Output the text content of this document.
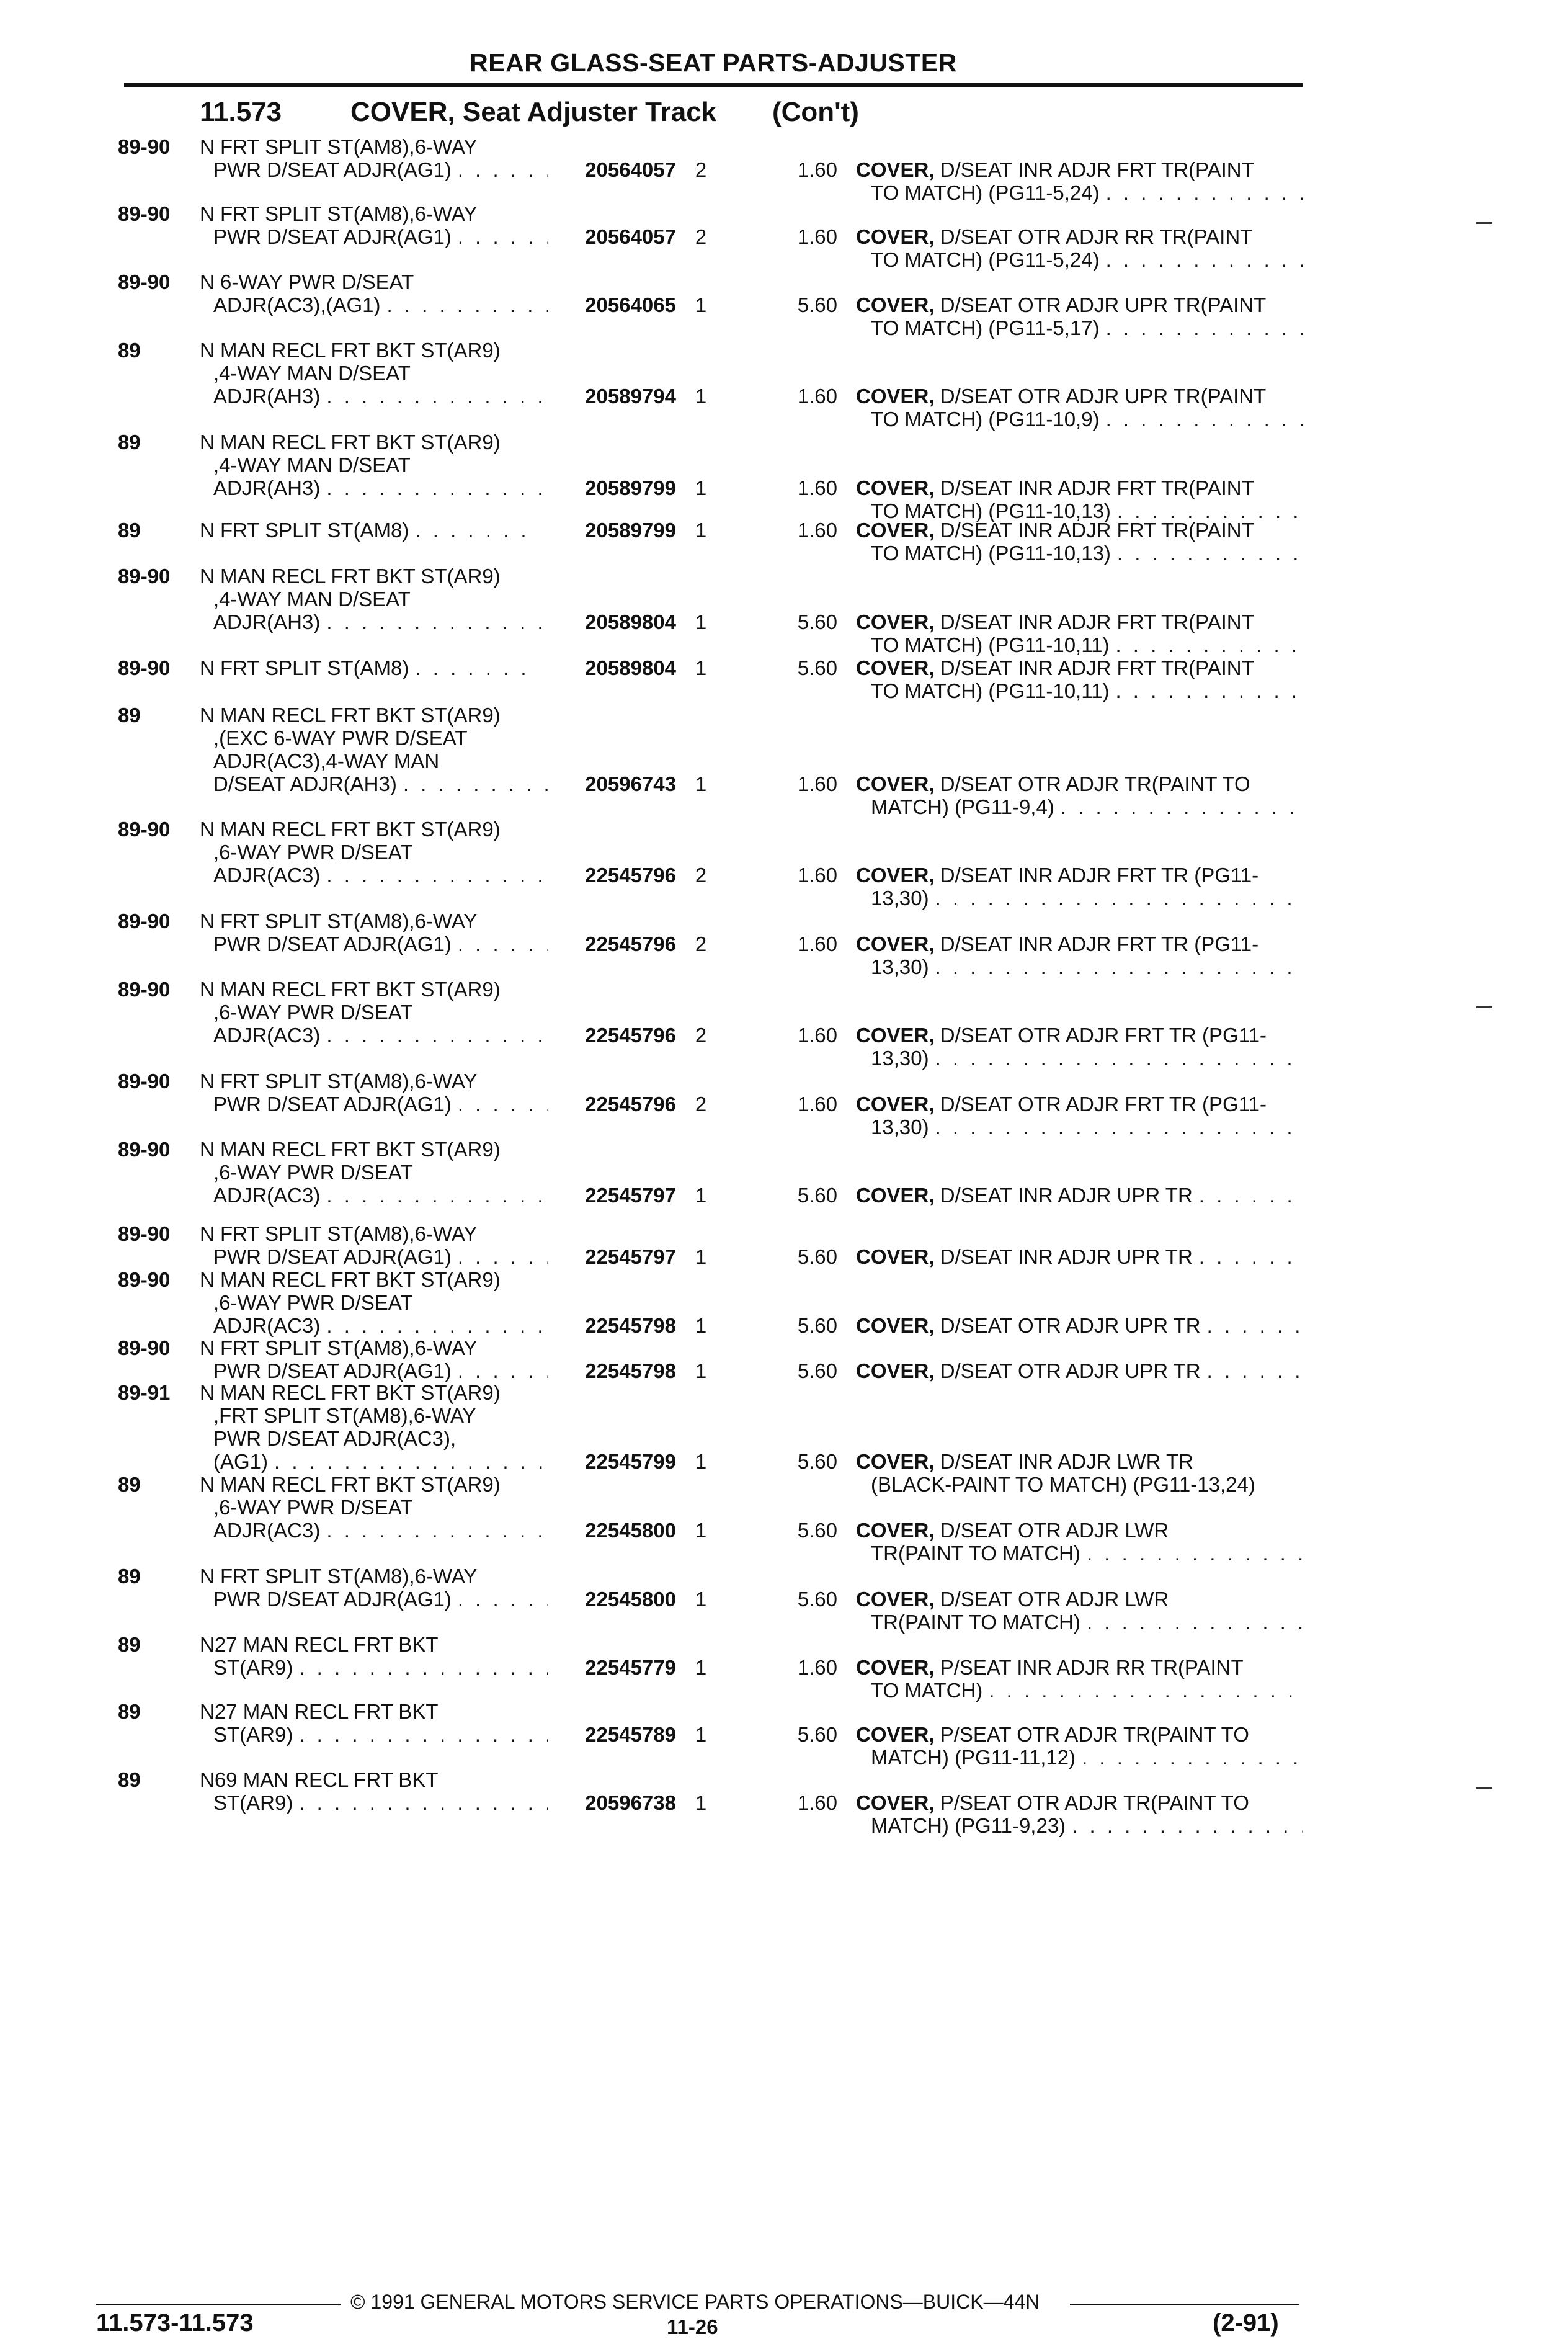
REAR GLASS-SEAT PARTS-ADJUSTER
11.573	COVER, Seat Adjuster Track (Con't)
89-90 N FRT SPLIT ST(AM8),6-WAY
PWR D/SEAT ADJR(AG1) . . .	20564057 2	1.60 COVER, D/SEAT INR ADJR FRT TR(PAINT
TO MATCH) (PG11-5,24)
. . .
89-90 N FRT SPLIT ST(AM8),6-WAY
PWR D/SEAT ADJR(AG1) . . .	20564057 2	1.60 COVER, D/SEAT OTR ADJR RR TR(PAINT
TO MATCH) (PG11-5,24)
. . .
89-90 N 6-WAY PWR D/SEAT
ADJR(AC3),(AG1) . . .	20564065 1	5.60 COVER, D/SEAT OTR ADJR UPR TR(PAINT
TO MATCH) (PG11-5,17)
. . .
89	N MAN RECL FRT BKT ST(AR9)
,4-WAY MAN D/SEAT
ADJR(AH3) . . .	20589794 1	1.60 COVER, D/SEAT OTR ADJR UPR TR(PAINT
TO MATCH) (PG11-10,9)
. . .
89	N MAN RECL FRT BKT ST(AR9)
,4-WAY MAN D/SEAT
ADJR(AH3) . . .	20589799 1	1.60 COVER, D/SEAT INR ADJR FRT TR(PAINT
TO MATCH) (PG11-10,13)
. . .
89	N FRT SPLIT ST(AM8) . . .	20589799 1	1.60 COVER, D/SEAT INR ADJR FRT TR(PAINT
TO MATCH) (PG11-10,13)
. . .
89-90 N MAN RECL FRT BKT ST(AR9)
,4-WAY MAN D/SEAT
ADJR(AH3) . . .	20589804 1	5.60 COVER, D/SEAT INR ADJR FRT TR(PAINT
TO MATCH) (PG11-10,11)
. . .
89-90 N FRT SPLIT ST(AM8) . . .	20589804 1	5.60 COVER, D/SEAT INR ADJR FRT TR(PAINT
TO MATCH) (PG11-10,11)
. . .
89	N MAN RECL FRT BKT ST(AR9)
,(EXC 6-WAY PWR D/SEAT
ADJR(AC3),4-WAY MAN
D/SEAT ADJR(AH3) . . .	20596743 1	1.60 COVER, D/SEAT OTR ADJR TR(PAINT TO
MATCH) (PG11-9,4)
. . .
89-90 N MAN RECL FRT BKT ST(AR9)
,6-WAY PWR D/SEAT
ADJR(AC3) . . .	22545796 2	1.60 COVER, D/SEAT INR ADJR FRT TR (PG11-
13,30)
. . .
89-90 N FRT SPLIT ST(AM8),6-WAY
PWR D/SEAT ADJR(AG1) . . .	22545796 2	1.60 COVER, D/SEAT INR ADJR FRT TR (PG11-
13,30)
. . .
89-90 N MAN RECL FRT BKT ST(AR9)
,6-WAY PWR D/SEAT
ADJR(AC3) . . .	22545796 2	1.60 COVER, D/SEAT OTR ADJR FRT TR (PG11-
13,30)
. . .
89-90 N FRT SPLIT ST(AM8),6-WAY
PWR D/SEAT ADJR(AG1) . . .	22545796 2	1.60 COVER, D/SEAT OTR ADJR FRT TR (PG11-
13,30)
. . .
89-90 N MAN RECL FRT BKT ST(AR9)
,6-WAY PWR D/SEAT
ADJR(AC3) . . .	22545797 1	5.60 COVER, D/SEAT INR ADJR UPR TR
. . .
89-90 N FRT SPLIT ST(AM8),6-WAY
PWR D/SEAT ADJR(AG1) . . .	22545797 1	5.60 COVER, D/SEAT INR ADJR UPR TR
. . .
89-90 N MAN RECL FRT BKT ST(AR9)
,6-WAY PWR D/SEAT
ADJR(AC3) . . .	22545798 1	5.60 COVER, D/SEAT OTR ADJR UPR TR
. . .
89-90 N FRT SPLIT ST(AM8),6-WAY
PWR D/SEAT ADJR(AG1) . . .	22545798 1	5.60 COVER, D/SEAT OTR ADJR UPR TR
. . .
89-91 N MAN RECL FRT BKT ST(AR9)
,FRT SPLIT ST(AM8),6-WAY
PWR D/SEAT ADJR(AC3),
(AG1) . . .	22545799 1	5.60 COVER, D/SEAT INR ADJR LWR TR
(BLACK-PAINT TO MATCH) (PG11-13,24)
89	N MAN RECL FRT BKT ST(AR9)
,6-WAY PWR D/SEAT
ADJR(AC3) . . .	22545800 1	5.60 COVER, D/SEAT OTR ADJR LWR
TR(PAINT TO MATCH)
. . .
89	N FRT SPLIT ST(AM8),6-WAY
PWR D/SEAT ADJR(AG1) . . .	22545800 1	5.60 COVER, D/SEAT OTR ADJR LWR
TR(PAINT TO MATCH)
. . .
89	N27 MAN RECL FRT BKT
ST(AR9) . . .	22545779 1	1.60 COVER, P/SEAT INR ADJR RR TR(PAINT
TO MATCH)
. . .
89	N27 MAN RECL FRT BKT
ST(AR9) . . .	22545789 1	5.60 COVER, P/SEAT OTR ADJR TR(PAINT TO
MATCH) (PG11-11,12)
. . .
89	N69 MAN RECL FRT BKT
ST(AR9) . . .	20596738 1	1.60 COVER, P/SEAT OTR ADJR TR(PAINT TO
MATCH) (PG11-9,23)
. . .
© 1991 GENERAL MOTORS SERVICE PARTS OPERATIONS—BUICK—44N
11.573-11.573	11-26	(2-91)
